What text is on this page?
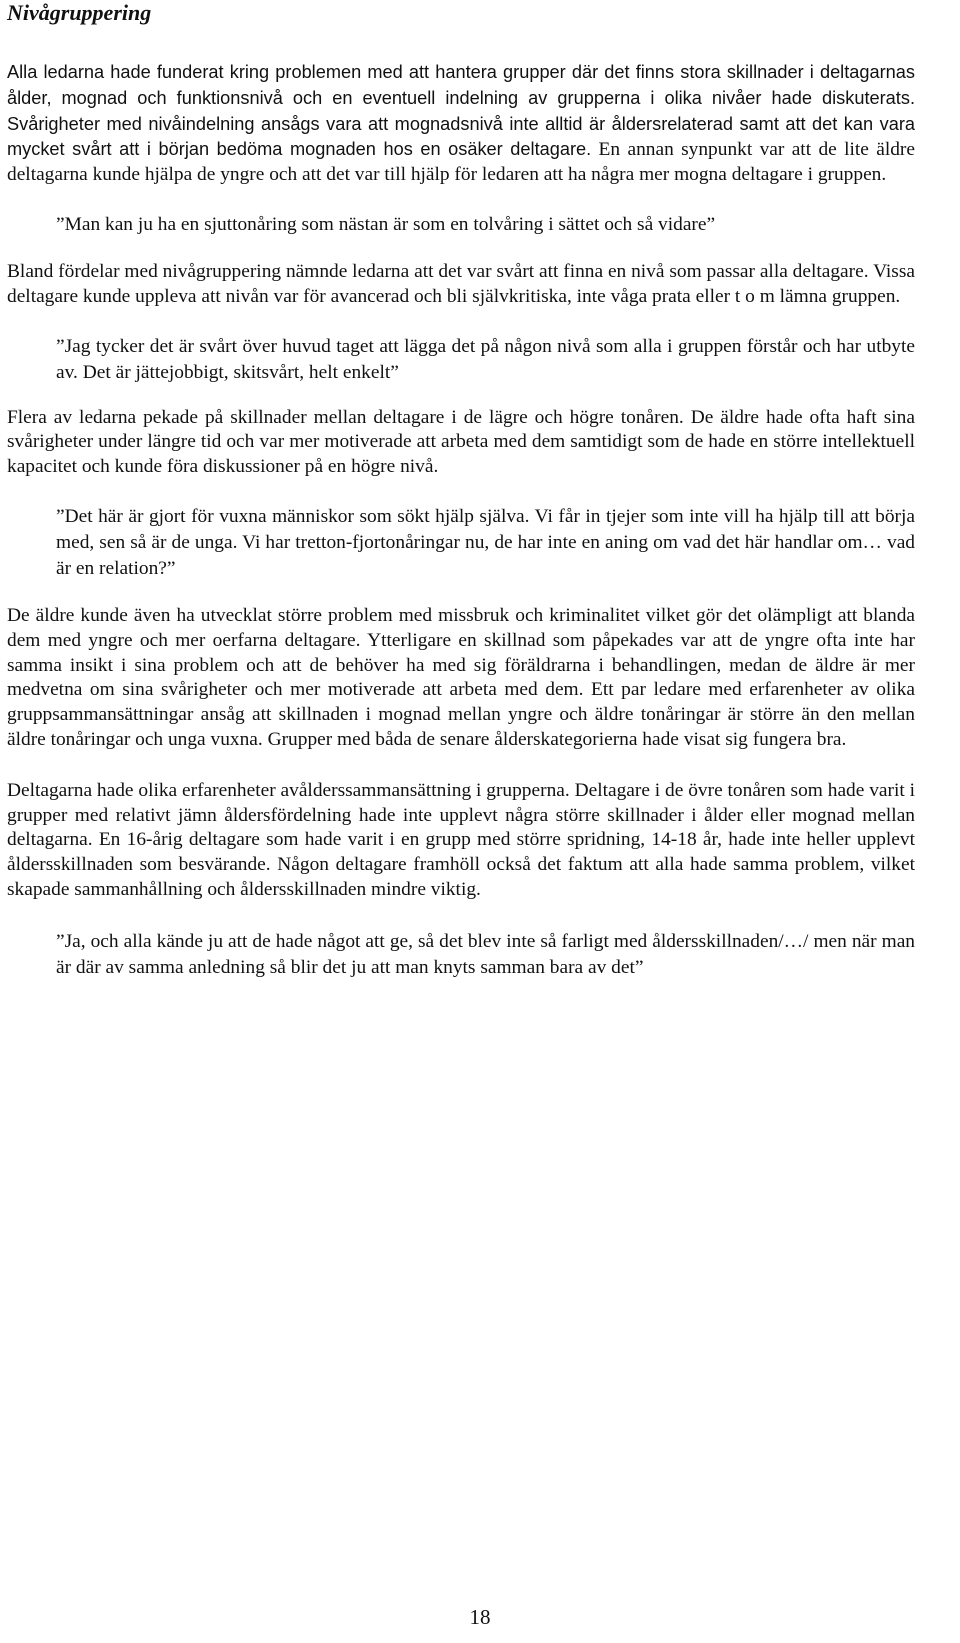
Nivågruppering

Alla ledarna hade funderat kring problemen med att hantera grupper där det finns stora skillnader i deltagarnas ålder, mognad och funktionsnivå och en eventuell indelning av grupperna i olika nivåer hade diskuterats. Svårigheter med nivåindelning ansågs vara att mognadsnivå inte alltid är åldersrelaterad samt att det kan vara mycket svårt att i början bedöma mognaden hos en osäker deltagare. En annan synpunkt var att de lite äldre deltagarna kunde hjälpa de yngre och att det var till hjälp för ledaren att ha några mer mogna deltagare i gruppen.

”Man kan ju ha en sjuttonåring som nästan är som en tolvåring i sättet och så vidare”

Bland fördelar med nivågruppering nämnde ledarna att det var svårt att finna en nivå som passar alla deltagare. Vissa deltagare kunde uppleva att nivån var för avancerad och bli självkritiska, inte våga prata eller t o m lämna gruppen.

”Jag tycker det är svårt över huvud taget att lägga det på någon nivå som alla i gruppen förstår och har utbyte av. Det är jättejobbigt, skitsvårt, helt enkelt”

Flera av ledarna pekade på skillnader mellan deltagare i de lägre och högre tonåren. De äldre hade ofta haft sina svårigheter under längre tid och var mer motiverade att arbeta med dem samtidigt som de hade en större intellektuell kapacitet och kunde föra diskussioner på en högre nivå.

”Det här är gjort för vuxna människor som sökt hjälp själva. Vi får in tjejer som inte vill ha hjälp till att börja med, sen så är de unga. Vi har tretton-fjortonåringar nu, de har inte en aning om vad det här handlar om… vad är en relation?”

De äldre kunde även ha utvecklat större problem med missbruk och kriminalitet vilket gör det olämpligt att blanda dem med yngre och mer oerfarna deltagare. Ytterligare en skillnad som påpekades var att de yngre ofta inte har samma insikt i sina problem och att de behöver ha med sig föräldrarna i behandlingen, medan de äldre är mer medvetna om sina svårigheter och mer motiverade att arbeta med dem. Ett par ledare med erfarenheter av olika gruppsammansättningar ansåg att skillnaden i mognad mellan yngre och äldre tonåringar är större än den mellan äldre tonåringar och unga vuxna. Grupper med båda de senare ålderskategorierna hade visat sig fungera bra.

Deltagarna hade olika erfarenheter avålderssammansättning i grupperna. Deltagare i de övre tonåren som hade varit i grupper med relativt jämn åldersfördelning hade inte upplevt några större skillnader i ålder eller mognad mellan deltagarna. En 16-årig deltagare som hade varit i en grupp med större spridning, 14-18 år, hade inte heller upplevt åldersskillnaden som besvärande. Någon deltagare framhöll också det faktum att alla hade samma problem, vilket skapade sammanhållning och åldersskillnaden mindre viktig.

”Ja, och alla kände ju att de hade något att ge, så det blev inte så farligt med åldersskillnaden/…/ men när man är där av samma anledning så blir det ju att man knyts samman bara av det”

18
